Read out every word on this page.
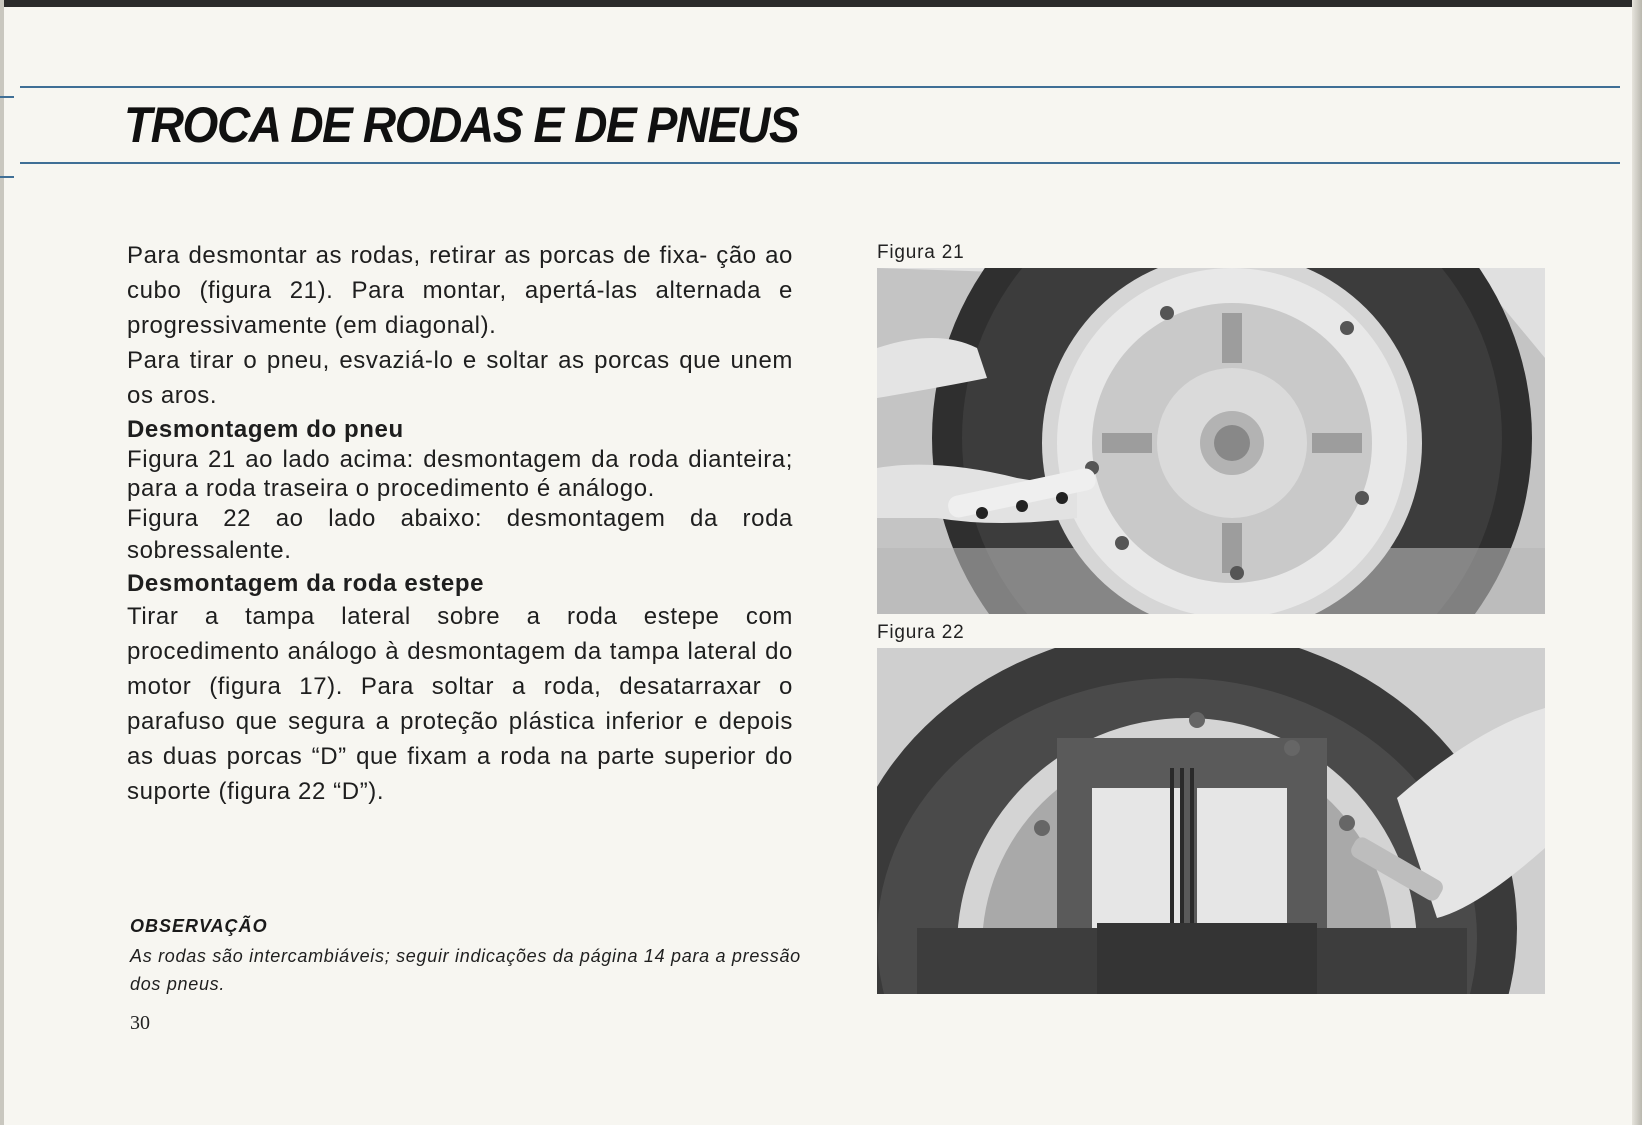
TROCA DE RODAS E DE PNEUS

Para desmontar as rodas, retirar as porcas de fixa- ção ao cubo (figura 21). Para montar, apertá-las alternada e progressivamente (em diagonal).

Para tirar o pneu, esvaziá-lo e soltar as porcas que unem os aros.

Desmontagem do pneu

Figura 21 ao lado acima: desmontagem da roda dianteira; para a roda traseira o procedimento é análogo.

Figura 22 ao lado abaixo: desmontagem da roda sobressalente.

Desmontagem da roda estepe

Tirar a tampa lateral sobre a roda estepe com procedimento análogo à desmontagem da tampa lateral do motor (figura 17). Para soltar a roda, desatarraxar o parafuso que segura a proteção plástica inferior e depois as duas porcas “D” que fixam a roda na parte superior do suporte (figura 22 “D”).

OBSERVAÇÃO
As rodas são intercambiáveis; seguir indicações da página 14 para a pressão dos pneus.
30
Figura 21
Figura 22
